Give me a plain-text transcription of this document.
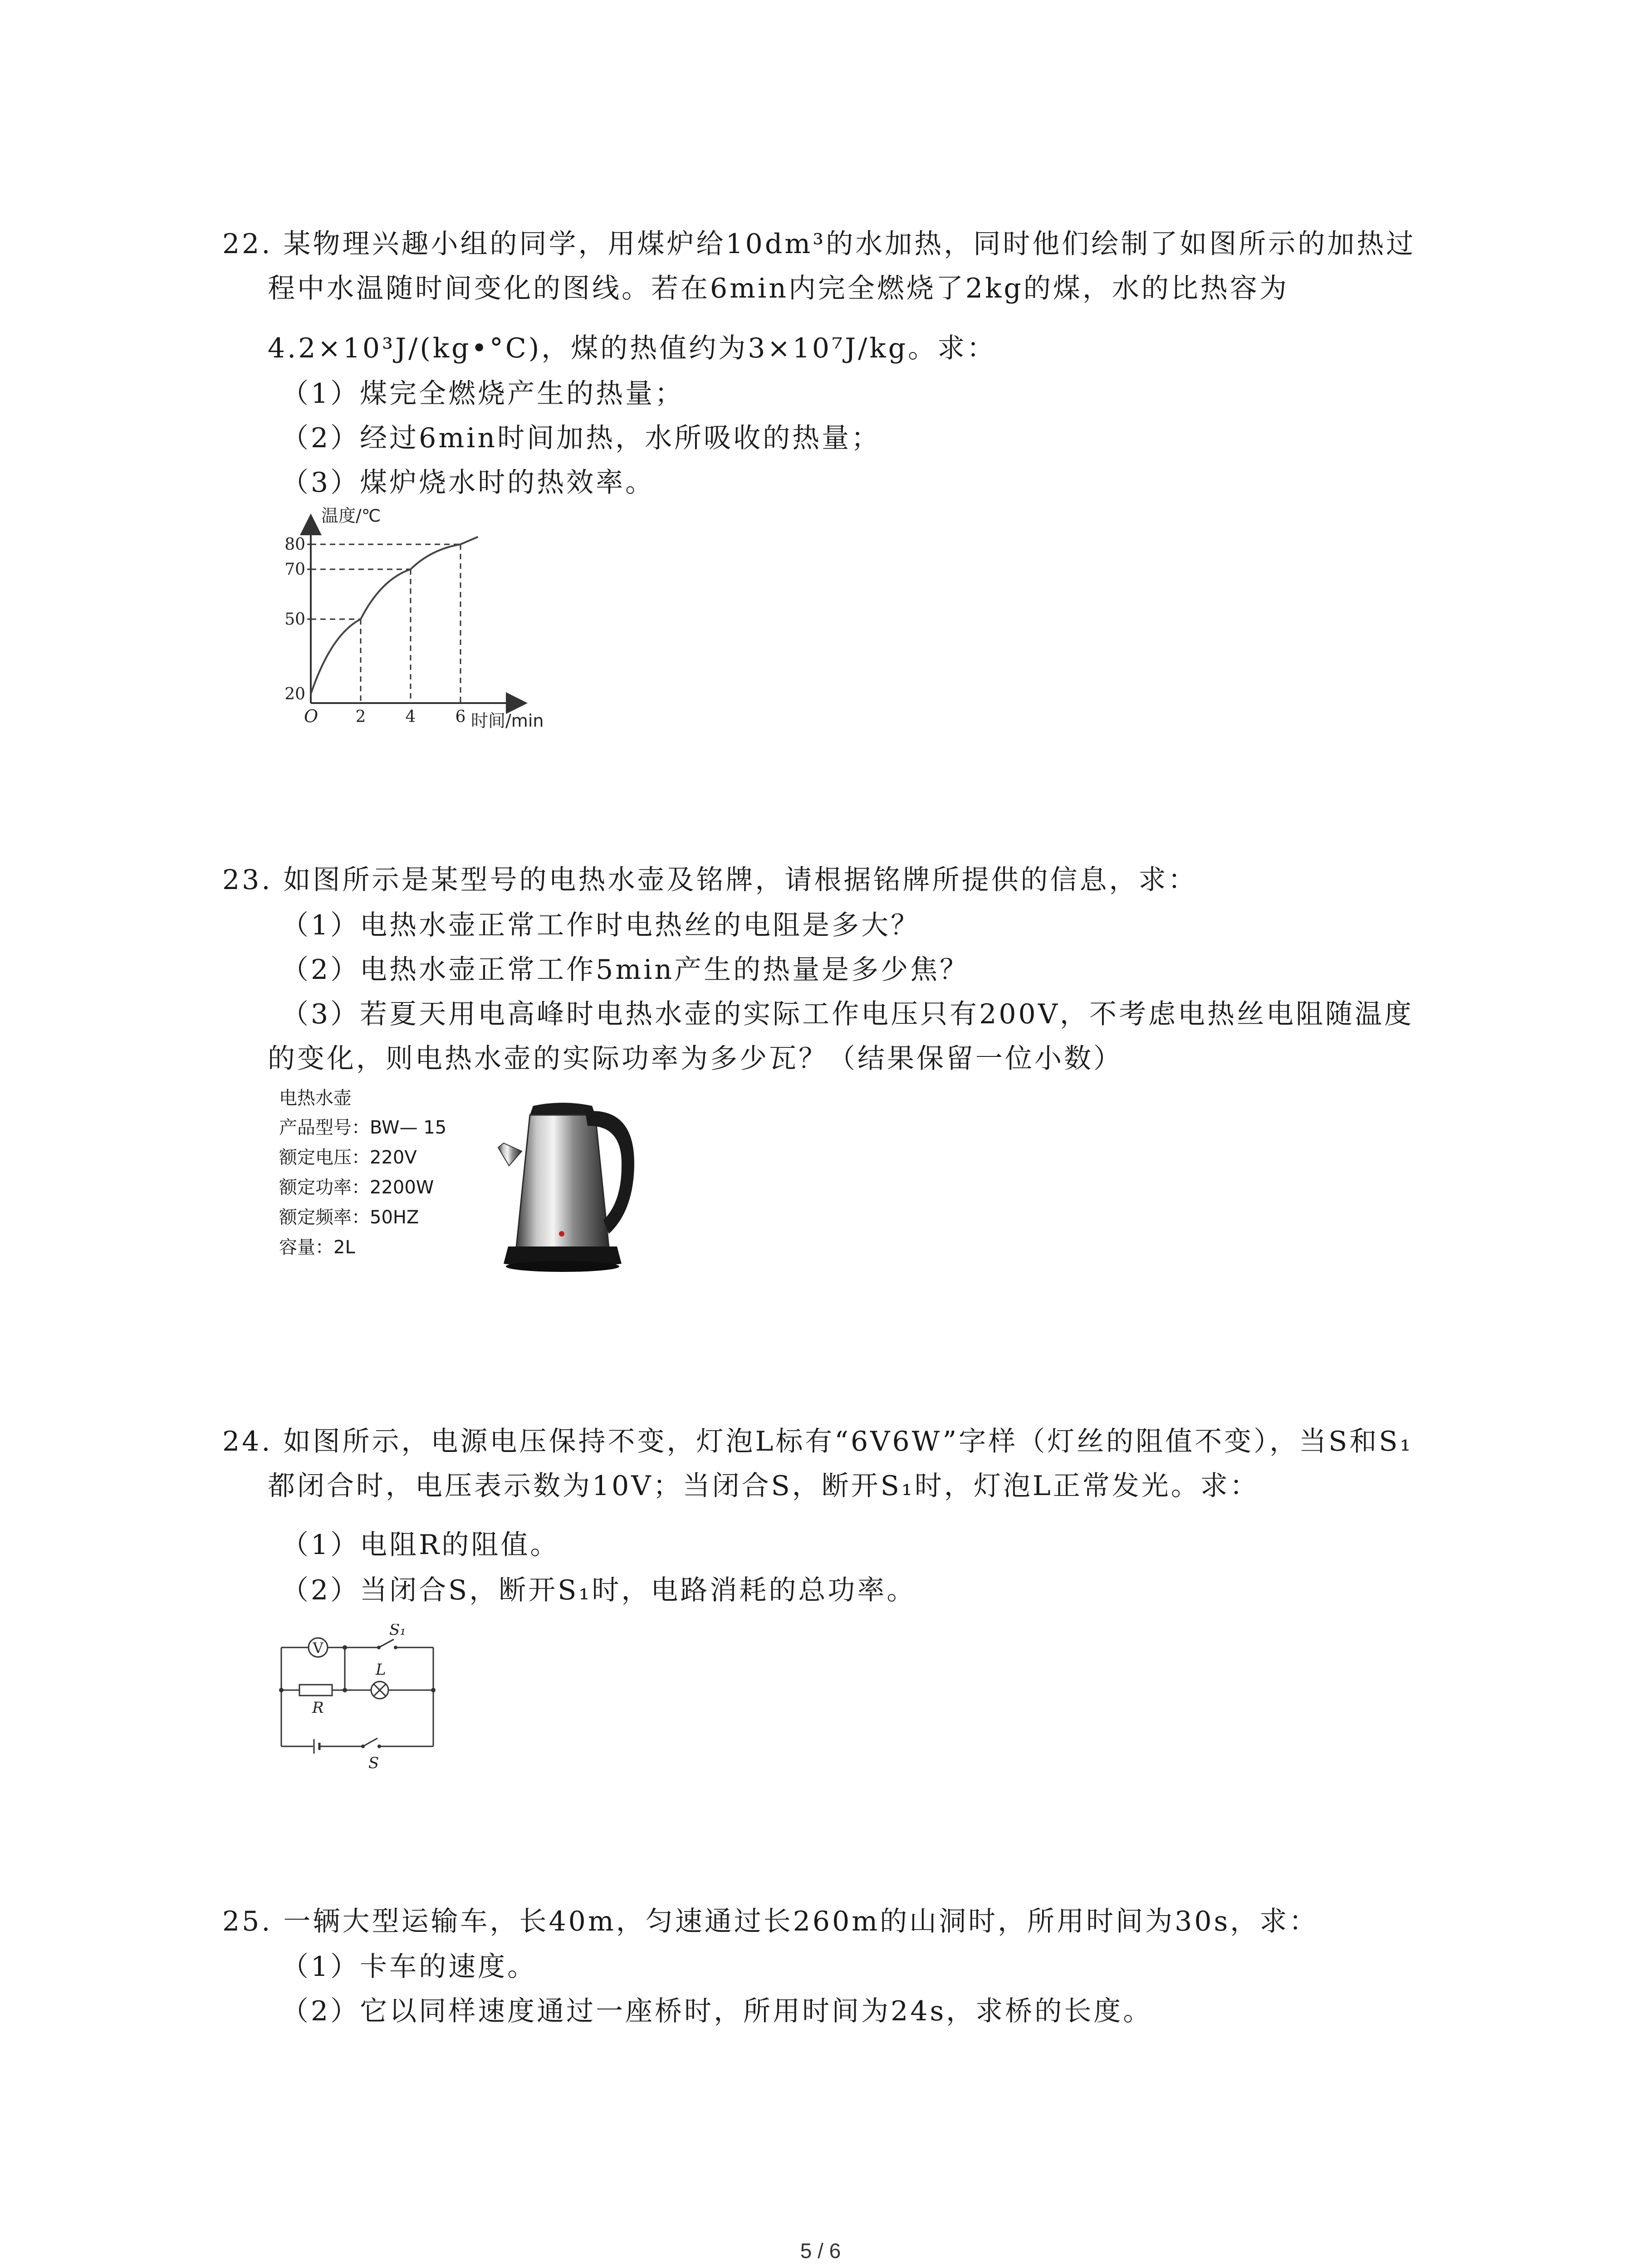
22. 某物理兴趣小组的同学，用煤炉给10dm³的水加热，同时他们绘制了如图所示的加热过
程中水温随时间变化的图线。若在6min内完全燃烧了2kg的煤，水的比热容为
4.2×10³J/(kg•°C)，煤的热值约为3×10⁷J/kg。求：
（1）煤完全燃烧产生的热量；
（2）经过6min时间加热，水所吸收的热量；
（3）煤炉烧水时的热效率。
温度/℃
时间/min
O
80
70
50
20
2 4 6
23. 如图所示是某型号的电热水壶及铭牌，请根据铭牌所提供的信息，求：
（1）电热水壶正常工作时电热丝的电阻是多大？
（2）电热水壶正常工作5min产生的热量是多少焦？
（3）若夏天用电高峰时电热水壶的实际工作电压只有200V，不考虑电热丝电阻随温度
的变化，则电热水壶的实际功率为多少瓦？（结果保留一位小数）
电热水壶
产品型号：BW— 15
额定电压：220V
额定功率：2200W
额定频率：50HZ
容量：2L
24. 如图所示，电源电压保持不变，灯泡L标有“6V6W”字样（灯丝的阻值不变），当S和S₁
都闭合时，电压表示数为10V；当闭合S，断开S₁时，灯泡L正常发光。求：
（1）电阻R的阻值。
（2）当闭合S，断开S₁时，电路消耗的总功率。
V
S₁
L
R
S
25. 一辆大型运输车，长40m，匀速通过长260m的山洞时，所用时间为30s，求：
（1）卡车的速度。
（2）它以同样速度通过一座桥时，所用时间为24s，求桥的长度。
5 / 6
